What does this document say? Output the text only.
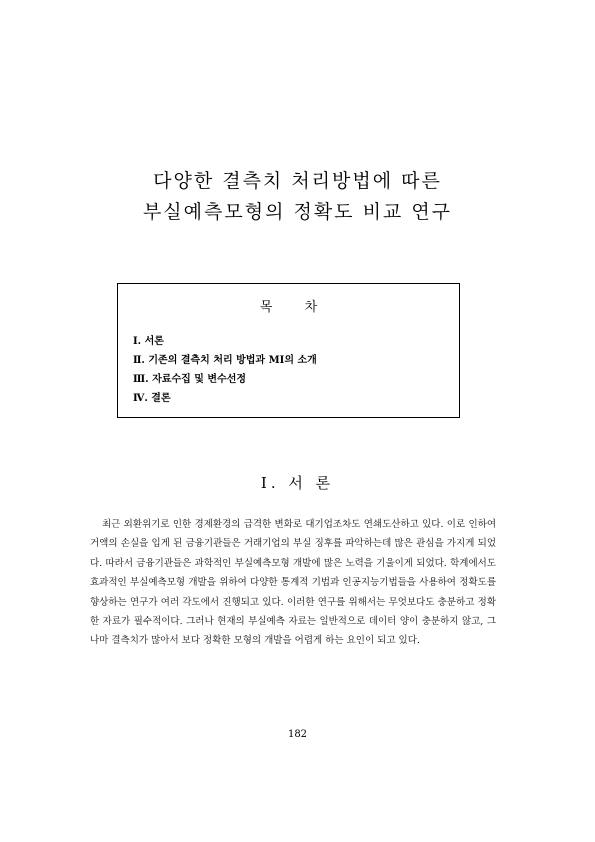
다양한 결측치 처리방법에 따른
부실예측모형의 정확도 비교 연구
목 차
Ⅰ. 서론
Ⅱ. 기존의 결측치 처리 방법과 MI의 소개
Ⅲ. 자료수집 및 변수선정
Ⅳ. 결론
Ⅰ. 서 론

최근 외환위기로 인한 경제환경의 급격한 변화로 대기업조차도 연쇄도산하고 있다. 이로 인하여 거액의 손실을 입게 된 금융기관들은 거래기업의 부실 징후를 파악하는데 많은 관심을 가지게 되었다. 따라서 금융기관들은 과학적인 부실예측모형 개발에 많은 노력을 기울이게 되었다. 학계에서도 효과적인 부실예측모형 개발을 위하여 다양한 통계적 기법과 인공지능기법들을 사용하여 정확도를 향상하는 연구가 여러 각도에서 진행되고 있다. 이러한 연구를 위해서는 무엇보다도 충분하고 정확한 자료가 필수적이다. 그러나 현재의 부실예측 자료는 일반적으로 데이터 양이 충분하지 않고, 그나마 결측치가 많아서 보다 정확한 모형의 개발을 어렵게 하는 요인이 되고 있다.

182
